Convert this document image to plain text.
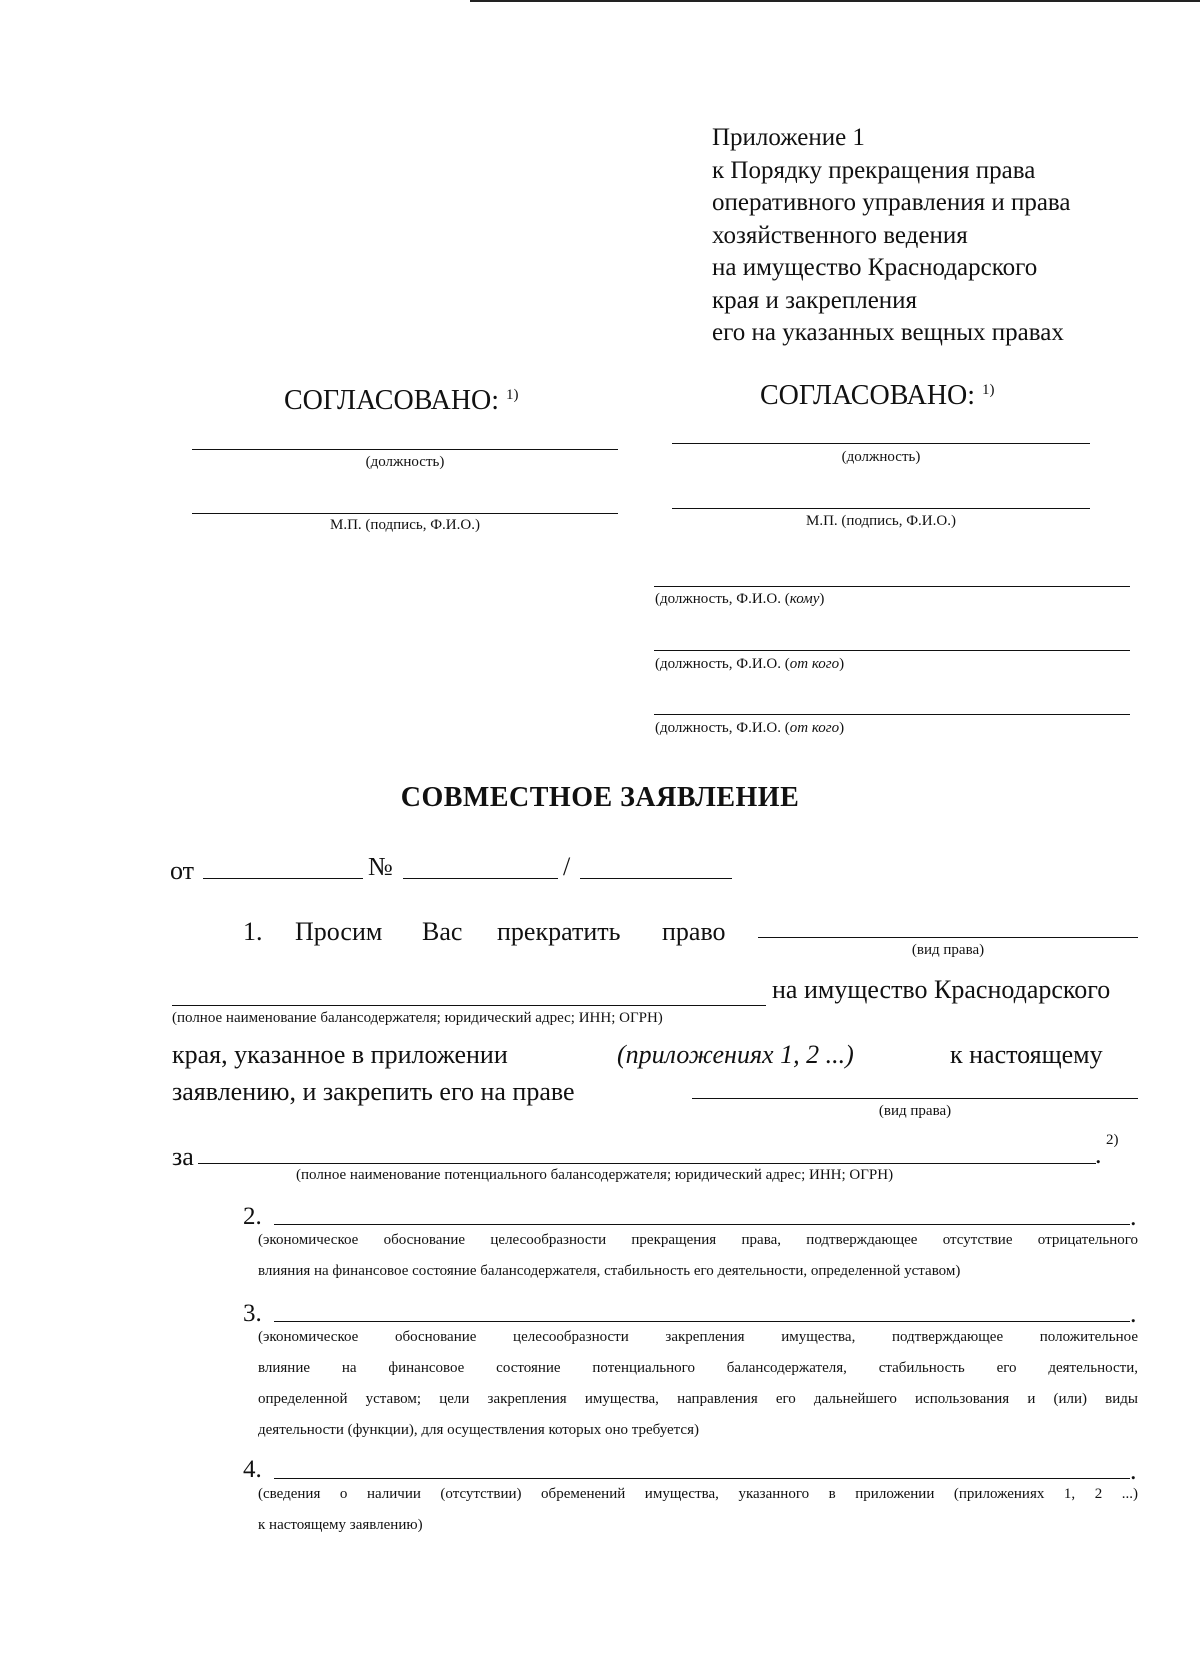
Приложение 1
к Порядку прекращения права
оперативного управления и права
хозяйственного ведения
на имущество Краснодарского
края и закрепления
его на указанных вещных правах
СОГЛАСОВАНО: $^{1)}$
(должность)
М.П. (подпись, Ф.И.О.)
СОГЛАСОВАНО: $^{1)}$
(должность)
М.П. (подпись, Ф.И.О.)
(должность, Ф.И.О. (кому)
(должность, Ф.И.О. (от кого)
(должность, Ф.И.О. (от кого)
СОВМЕСТНОЕ ЗАЯВЛЕНИЕ
от	№	/
1. Просим Вас прекратить право
(вид права)
на имущество Краснодарского
(полное наименование балансодержателя; юридический адрес; ИНН; ОГРН)
края, указанное в приложении	(приложениях 1, 2 ...)	к настоящему
заявлению, и закрепить его на праве
(вид права)
за	. 2)
(полное наименование потенциального балансодержателя; юридический адрес; ИНН; ОГРН)
2.	.
(экономическое обоснование целесообразности прекращения права, подтверждающее отсутствие отрицательного
влияния на финансовое состояние балансодержателя, стабильность его деятельности, определенной уставом)
3.	.
(экономическое обоснование целесообразности закрепления имущества, подтверждающее положительное
влияние на финансовое состояние потенциального балансодержателя, стабильность его деятельности,
определенной уставом; цели закрепления имущества, направления его дальнейшего использования и (или) виды
деятельности (функции), для осуществления которых оно требуется)
4.	.
(сведения о наличии (отсутствии) обременений имущества, указанного в приложении (приложениях 1, 2 ...)
к настоящему заявлению)
